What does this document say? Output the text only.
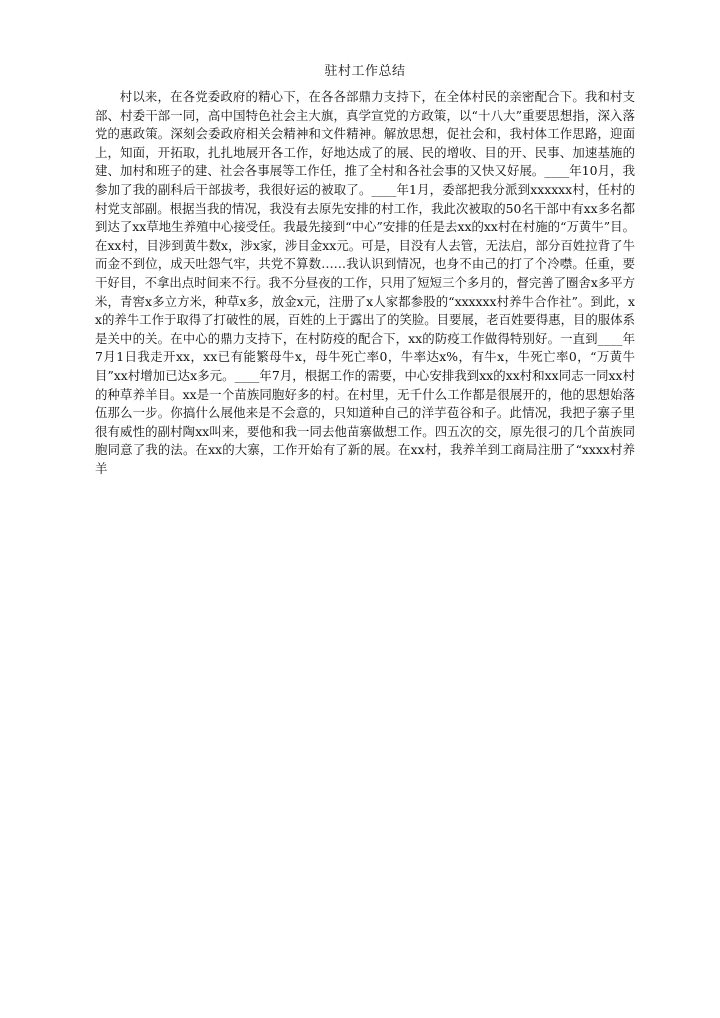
驻村工作总结

村以来，在各党委政府的精心下，在各各部鼎力支持下，在全体村民的亲密配合下。我和村支部、村委干部一同，高中国特色社会主大旗，真学宣党的方政策，以“十八大”重要思想指，深入落党的惠政策。深刻会委政府相关会精神和文件精神。解放思想，促社会和，我村体工作思路，迎面上，知面，开拓取，扎扎地展开各工作，好地达成了的展、民的增收、目的开、民事、加速基施的建、加村和班子的建、社会各事展等工作任，推了全村和各社会事的又快又好展。____年10月，我参加了我的副科后干部拔考，我很好运的被取了。____年1月，委部把我分派到xxxxxx村，任村的村党支部副。根据当我的情况，我没有去原先安排的村工作，我此次被取的50名干部中有xx多名都到达了xx草地生养殖中心接受任。我最先接到“中心”安排的任是去xx的xx村在村施的“万黄牛”目。在xx村，目涉到黄牛数x，涉x家，涉目金xx元。可是，目没有人去管，无法启，部分百姓拉背了牛而金不到位，成天吐怨气牢，共党不算数……我认识到情况，也身不由己的打了个冷噤。任重，要干好目，不拿出点时间来不行。我不分昼夜的工作，只用了短短三个多月的，督完善了圈舍x多平方米，青窖x多立方米，种草x多，放金x元，注册了x人家都参股的“xxxxxx村养牛合作社”。到此，xx的养牛工作于取得了打破性的展，百姓的上于露出了的笑脸。目要展，老百姓要得惠，目的服体系是关中的关。在中心的鼎力支持下，在村防疫的配合下，xx的防疫工作做得特别好。一直到____年7月1日我走开xx，xx已有能繁母牛x，母牛死亡率0，牛率达x%，有牛x，牛死亡率0，“万黄牛目”xx村增加已达x多元。____年7月，根据工作的需要，中心安排我到xx的xx村和xx同志一同xx村的种草养羊目。xx是一个苗族同胞好多的村。在村里，无千什么工作都是很展开的，他的思想始落伍那么一步。你搞什么展他来是不会意的，只知道种自己的洋芋苞谷和子。此情况，我把子寨子里很有威性的副村陶xx叫来，要他和我一同去他苗寨做想工作。四五次的交，原先很刁的几个苗族同胞同意了我的法。在xx的大寨，工作开始有了新的展。在xx村，我养羊到工商局注册了“xxxx村养羊
